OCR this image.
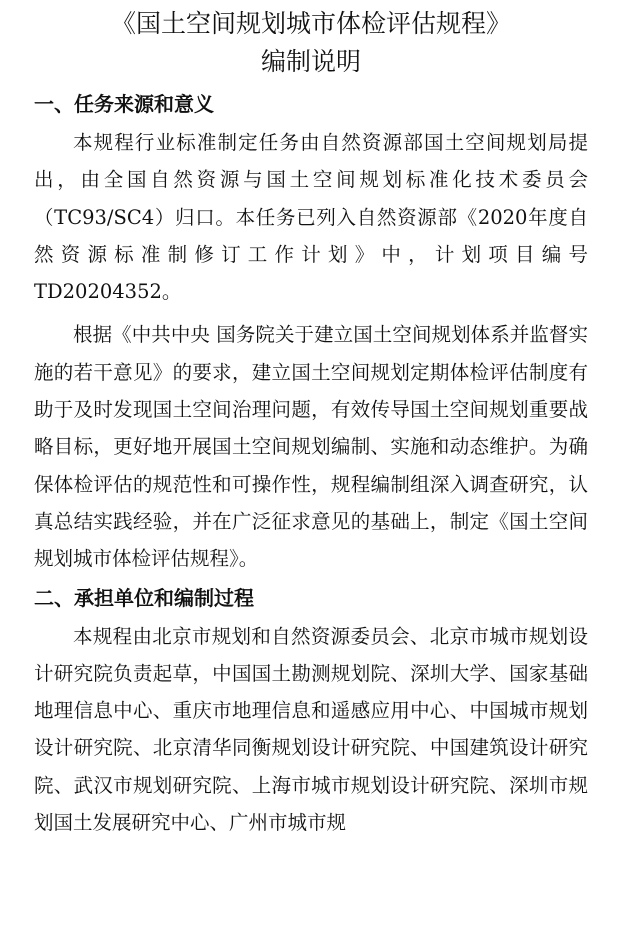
《国土空间规划城市体检评估规程》
编制说明
一、任务来源和意义

本规程行业标准制定任务由自然资源部国土空间规划局提出，由全国自然资源与国土空间规划标准化技术委员会（TC93/SC4）归口。本任务已列入自然资源部《2020年度自然资源标准制修订工作计划》中，计划项目编号TD20204352。

根据《中共中央 国务院关于建立国土空间规划体系并监督实施的若干意见》的要求，建立国土空间规划定期体检评估制度有助于及时发现国土空间治理问题，有效传导国土空间规划重要战略目标，更好地开展国土空间规划编制、实施和动态维护。为确保体检评估的规范性和可操作性，规程编制组深入调查研究，认真总结实践经验，并在广泛征求意见的基础上，制定《国土空间规划城市体检评估规程》。

二、承担单位和编制过程

本规程由北京市规划和自然资源委员会、北京市城市规划设计研究院负责起草，中国国土勘测规划院、深圳大学、国家基础地理信息中心、重庆市地理信息和遥感应用中心、中国城市规划设计研究院、北京清华同衡规划设计研究院、中国建筑设计研究院、武汉市规划研究院、上海市城市规划设计研究院、深圳市规划国土发展研究中心、广州市城市规
